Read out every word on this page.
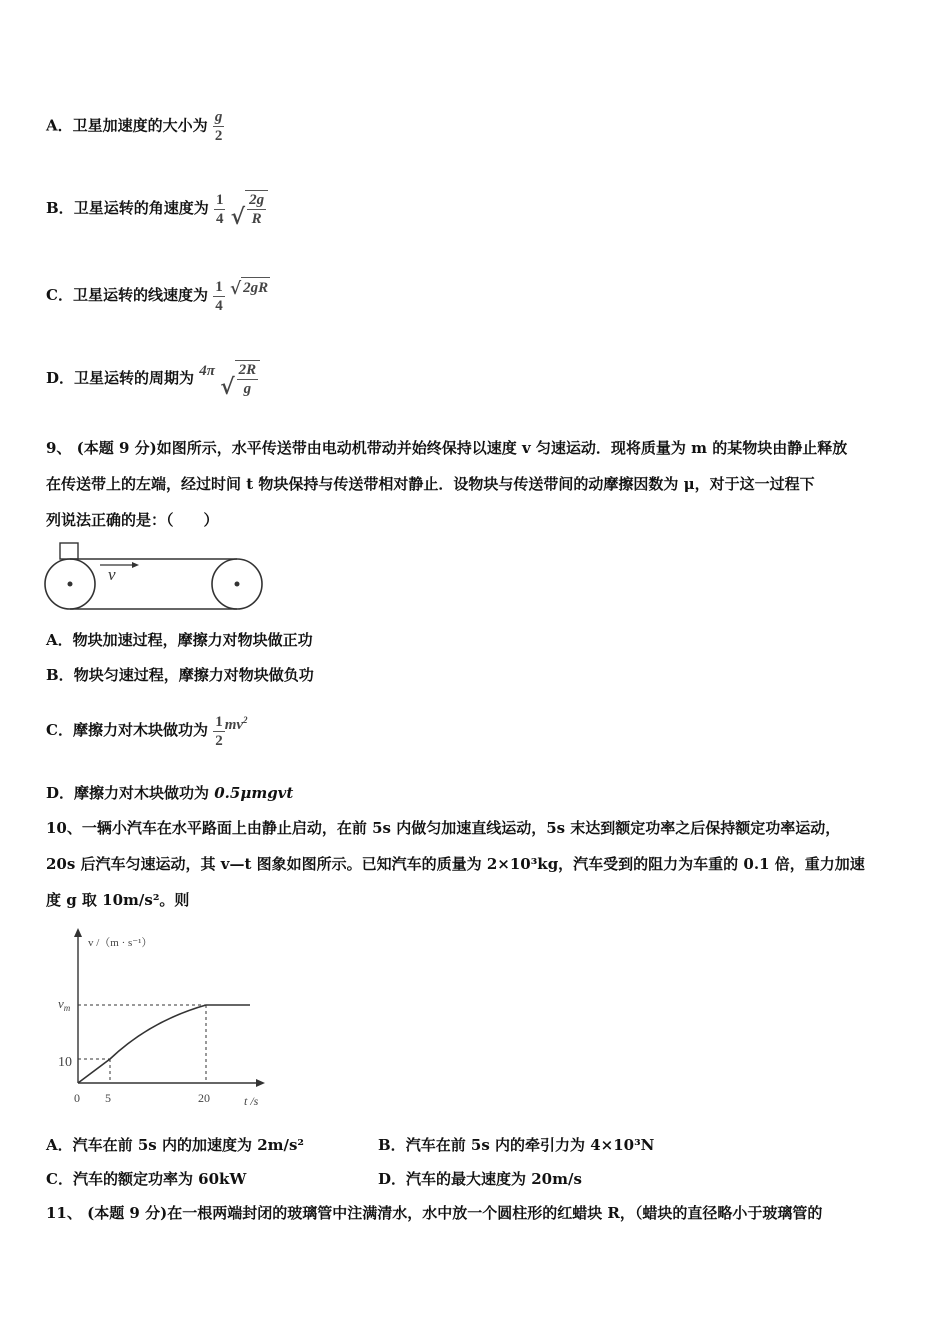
A．卫星加速度的大小为 $\frac{g}{2}$
B．卫星运转的角速度为 $\frac{1}{4}$
√ $\frac{2g}{R}$
C．卫星运转的线速度为 $\frac{1}{4}$
√ 2gR
D．卫星运转的周期为 4π
√ $\frac{2R}{g}$
9、 (本题 9 分)如图所示，水平传送带由电动机带动并始终保持以速度 v 匀速运动．现将质量为 m 的某物块由静止释放
在传送带上的左端，经过时间 t 物块保持与传送带相对静止．设物块与传送带间的动摩擦因数为 μ，对于这一过程下
列说法正确的是：（　　）
v
A．物块加速过程，摩擦力对物块做正功
B．物块匀速过程，摩擦力对物块做负功
C．摩擦力对木块做功为 $\frac{1}{2} mv^2$
D．摩擦力对木块做功为 0.5μmgvt
10、一辆小汽车在水平路面上由静止启动，在前 5s 内做匀加速直线运动，5s 末达到额定功率之后保持额定功率运动，
20s 后汽车匀速运动，其 v—t 图象如图所示。已知汽车的质量为 2×10³kg，汽车受到的阻力为车重的 0.1 倍，重力加速
度 g 取 10m/s²。则
v /（m · s⁻¹）
t /s
$v_m$
10
0 5	20
A．汽车在前 5s 内的加速度为 2m/s²	B．汽车在前 5s 内的牵引力为 4×10³N
C．汽车的额定功率为 60kW	D．汽车的最大速度为 20m/s
11、 (本题 9 分)在一根两端封闭的玻璃管中注满清水，水中放一个圆柱形的红蜡块 R，（蜡块的直径略小于玻璃管的
